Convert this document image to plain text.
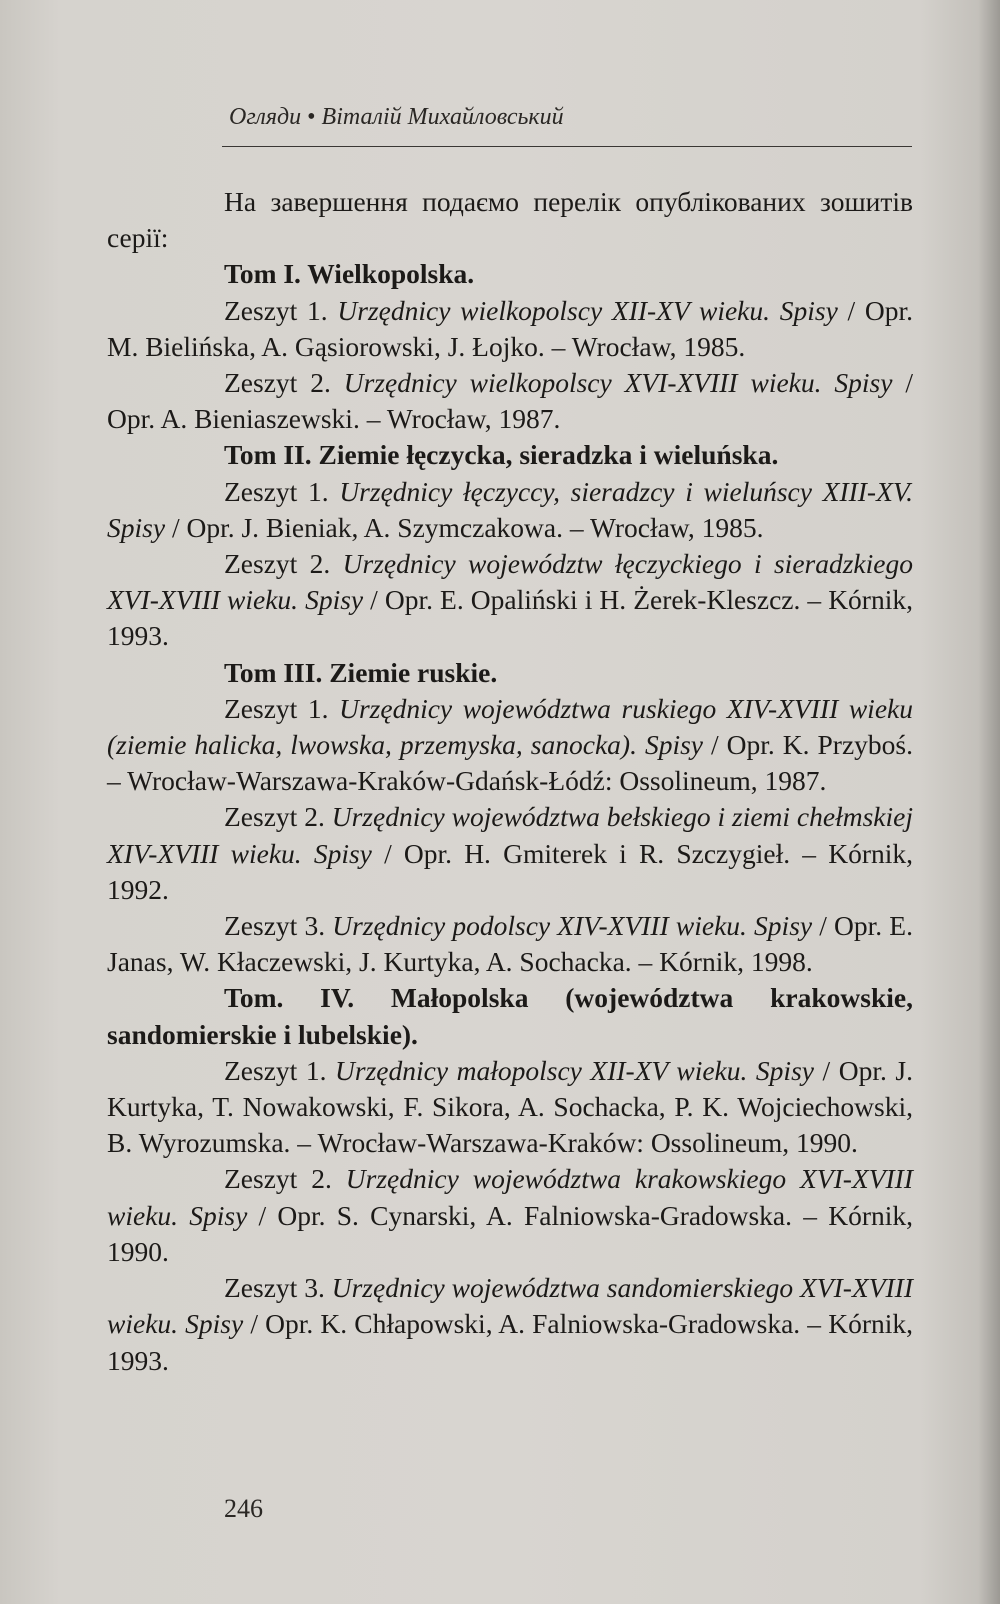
Огляди • Віталій Михайловський

На завершення подаємо перелік опублікованих зошитів серії:

Tom I. Wielkopolska.

Zeszyt 1. Urzędnicy wielkopolscy XII-XV wieku. Spisy / Opr. M. Bielińska, A. Gąsiorowski, J. Łojko. – Wrocław, 1985.

Zeszyt 2. Urzędnicy wielkopolscy XVI-XVIII wieku. Spisy / Opr. A. Bieniaszewski. – Wrocław, 1987.

Tom II. Ziemie łęczycka, sieradzka i wieluńska.

Zeszyt 1. Urzędnicy łęczyccy, sieradzcy i wieluńscy XIII-XV. Spisy / Opr. J. Bieniak, A. Szymczakowa. – Wrocław, 1985.

Zeszyt 2. Urzędnicy województw łęczyckiego i sieradzkiego XVI-XVIII wieku. Spisy / Opr. E. Opaliński i H. Żerek-Kleszcz. – Kórnik, 1993.

Tom III. Ziemie ruskie.

Zeszyt 1. Urzędnicy województwa ruskiego XIV-XVIII wieku (ziemie halicka, lwowska, przemyska, sanocka). Spisy / Opr. K. Przyboś. – Wrocław-Warszawa-Kraków-Gdańsk-Łódź: Ossolineum, 1987.

Zeszyt 2. Urzędnicy województwa bełskiego i ziemi chełmskiej XIV-XVIII wieku. Spisy / Opr. H. Gmiterek i R. Szczygieł. – Kórnik, 1992.

Zeszyt 3. Urzędnicy podolscy XIV-XVIII wieku. Spisy / Opr. E. Janas, W. Kłaczewski, J. Kurtyka, A. Sochacka. – Kórnik, 1998.

Tom. IV. Małopolska (województwa krakowskie, sandomierskie i lubelskie).

Zeszyt 1. Urzędnicy małopolscy XII-XV wieku. Spisy / Opr. J. Kurtyka, T. Nowakowski, F. Sikora, A. Sochacka, P. K. Wojciechowski, B. Wyrozumska. – Wrocław-Warszawa-Kraków: Ossolineum, 1990.

Zeszyt 2. Urzędnicy województwa krakowskiego XVI-XVIII wieku. Spisy / Opr. S. Cynarski, A. Falniowska-Gradowska. – Kórnik, 1990.

Zeszyt 3. Urzędnicy województwa sandomierskiego XVI-XVIII wieku. Spisy / Opr. K. Chłapowski, A. Falniowska-Gradowska. – Kórnik, 1993.

246
